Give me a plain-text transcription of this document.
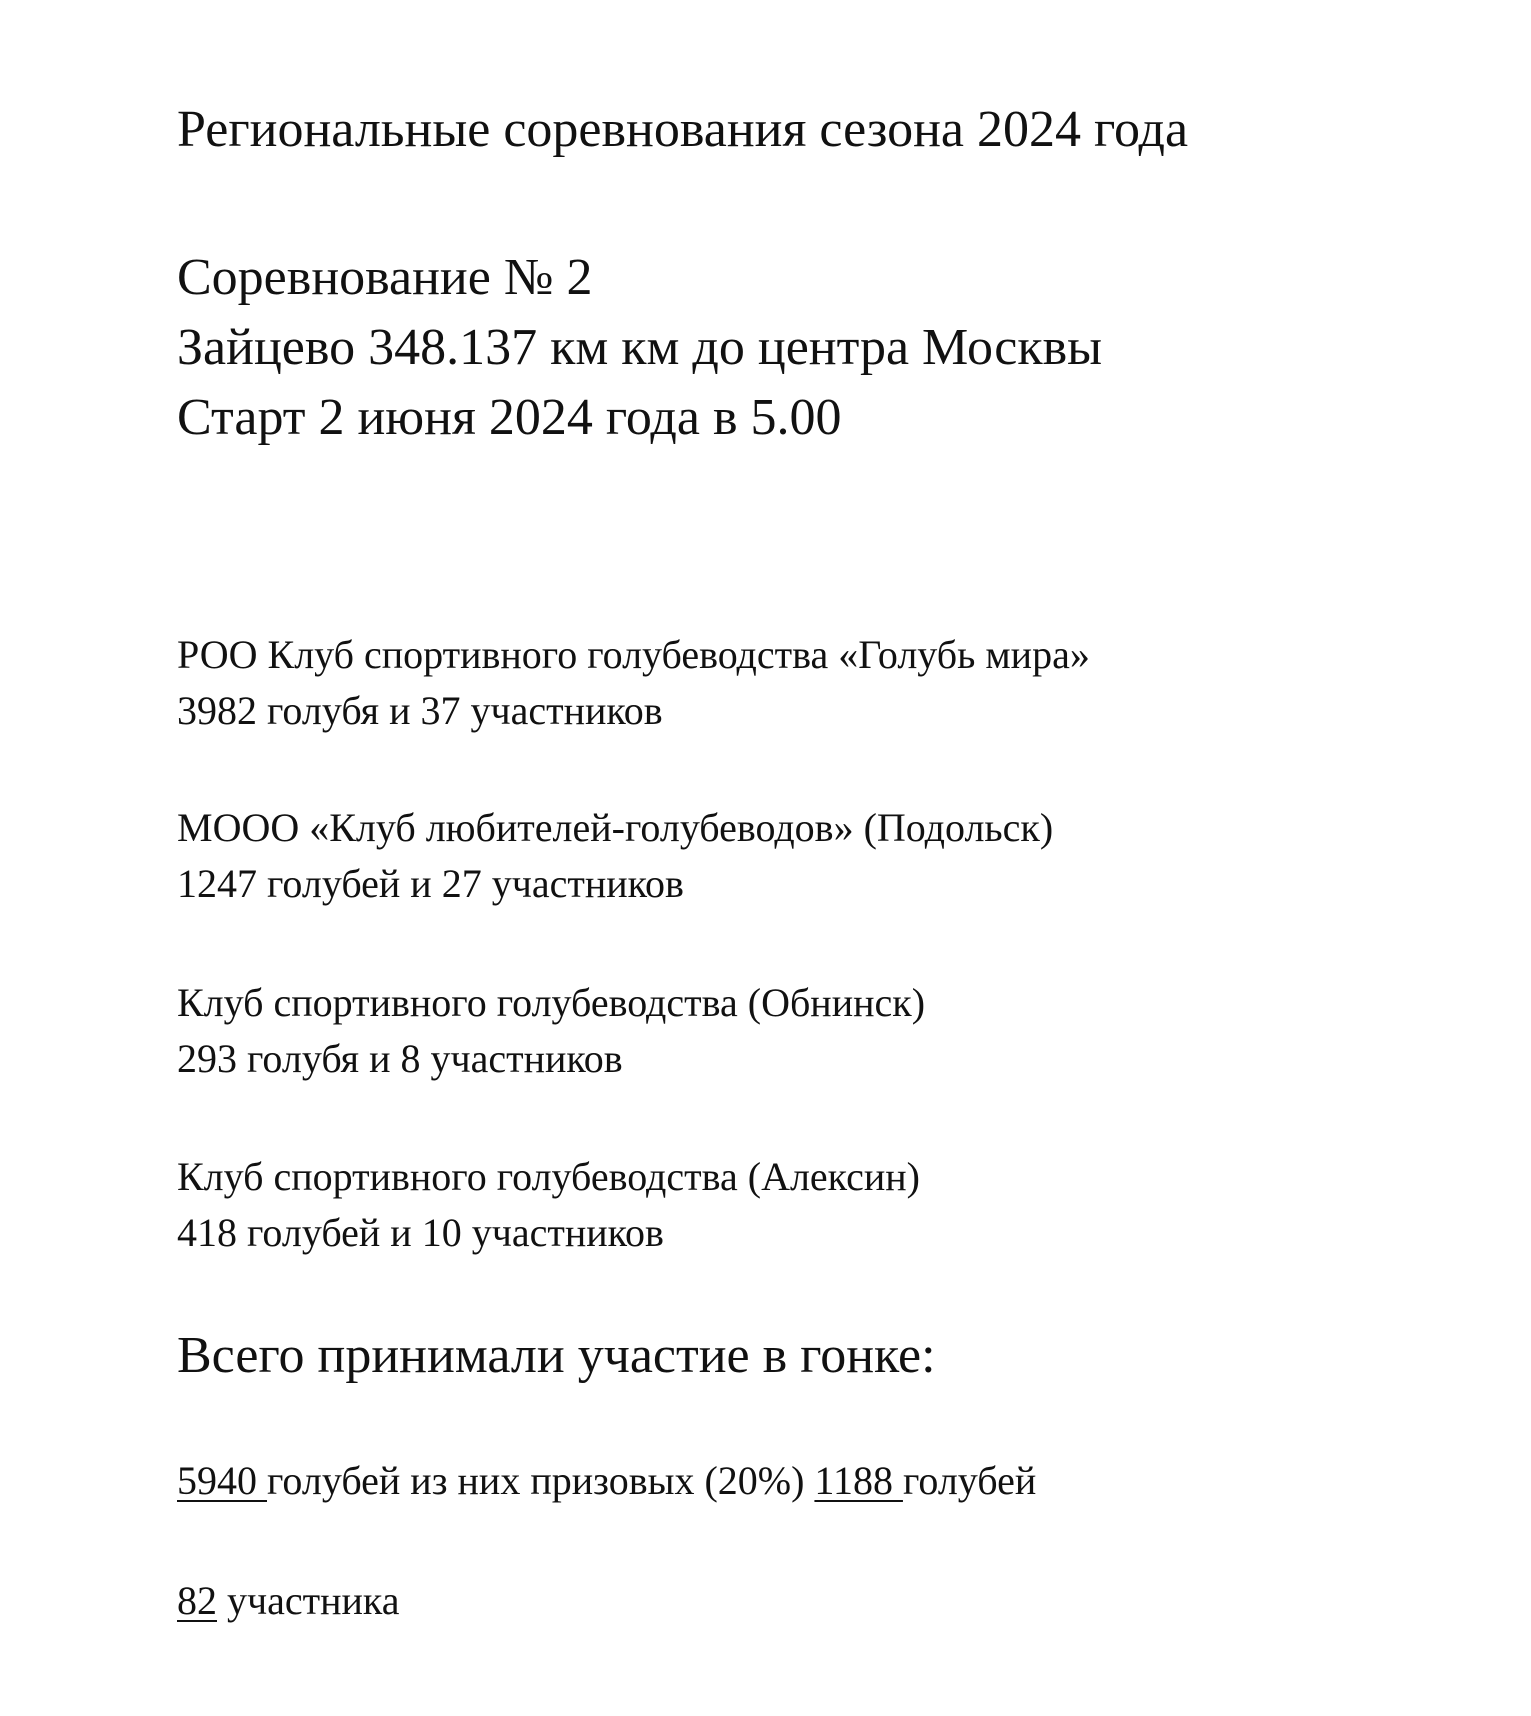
Региональные соревнования сезона 2024 года
Соревнование № 2
Зайцево 348.137 км км до центра Москвы
Старт 2 июня 2024 года в 5.00
РОО Клуб спортивного голубеводства «Голубь мира»
3982 голубя и 37 участников
МООО «Клуб любителей-голубеводов» (Подольск)
1247 голубей и 27 участников
Клуб спортивного голубеводства (Обнинск)
293 голубя и 8 участников
Клуб спортивного голубеводства (Алексин)
418 голубей и 10 участников
Всего принимали участие в гонке:
5940 голубей из них призовых (20%) 1188 голубей
82 участника
